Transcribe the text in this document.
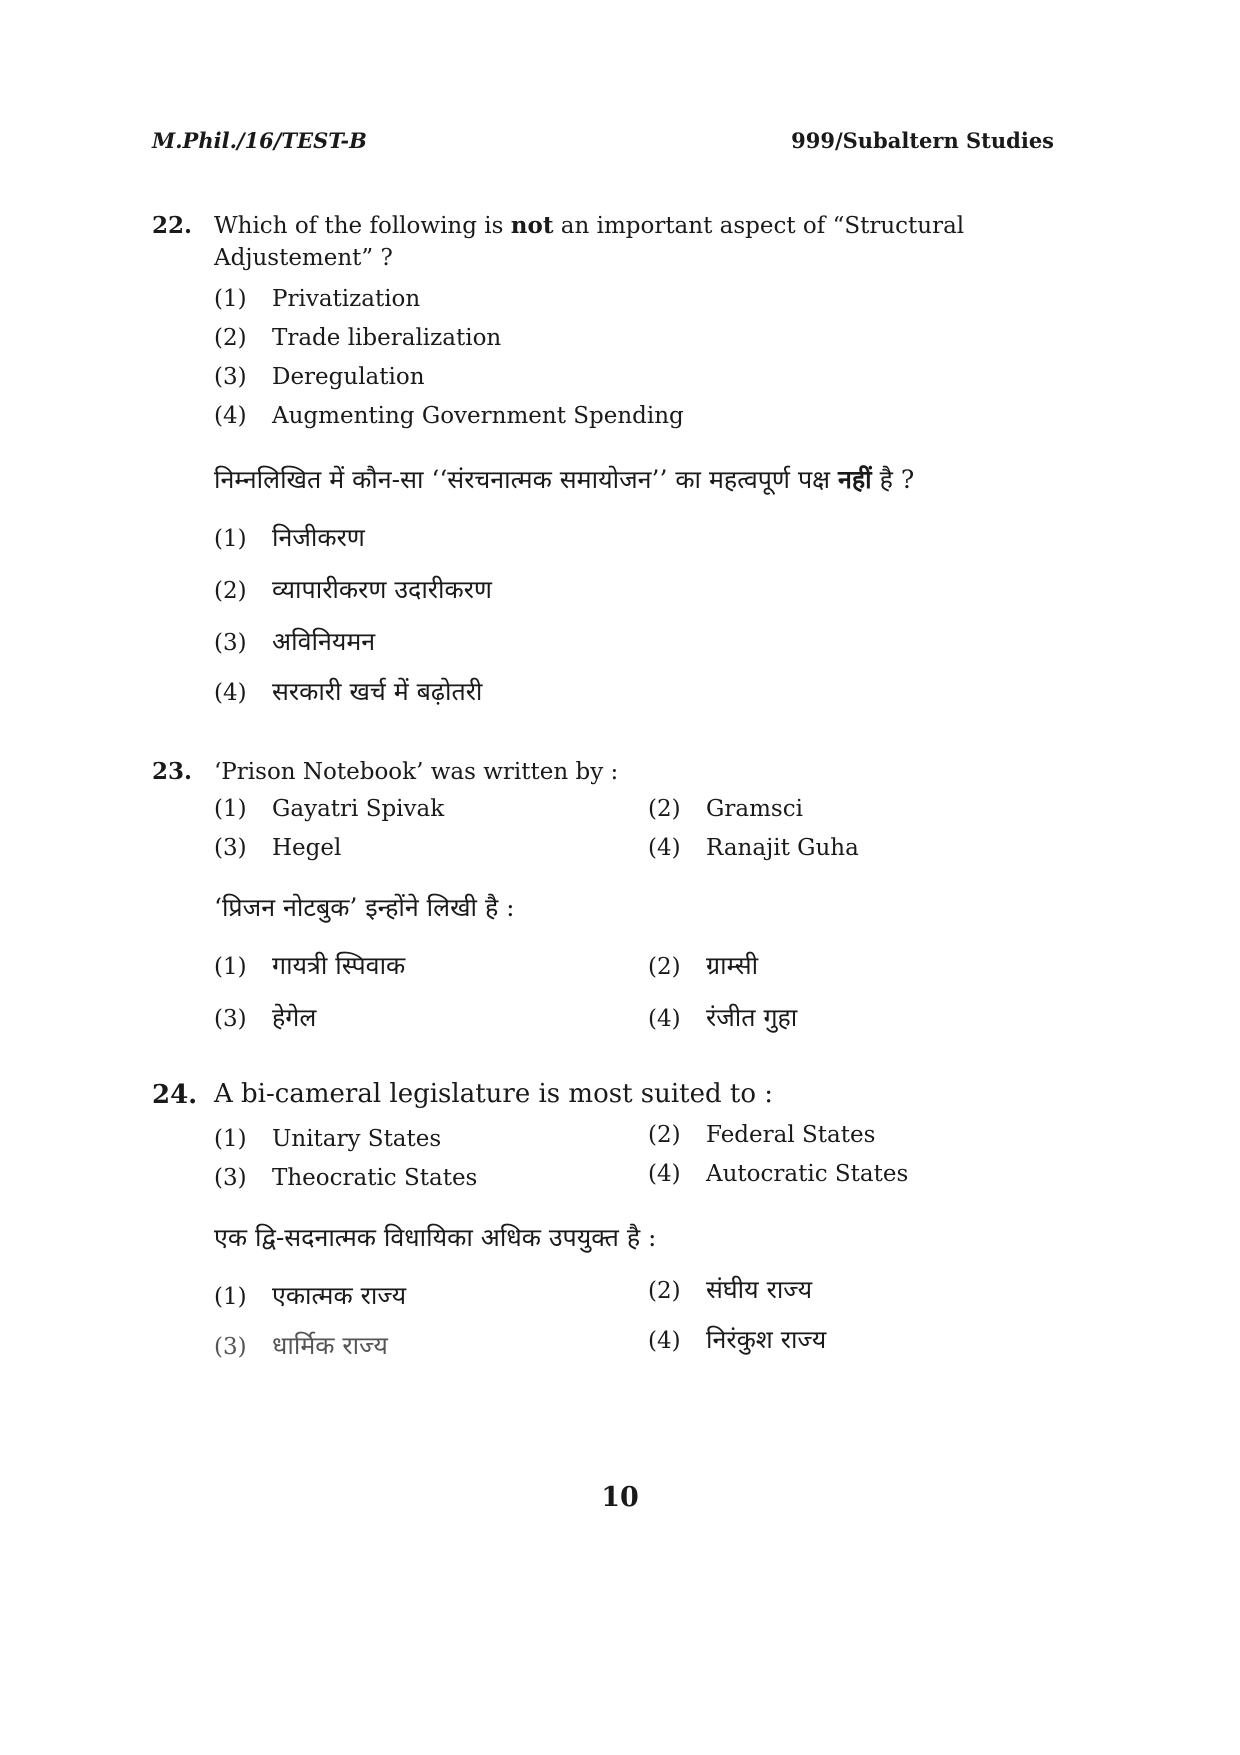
M.Phil./16/TEST-B	999/Subaltern Studies
22. Which of the following is not an important aspect of “Structural Adjustement” ?
(1) Privatization
(2) Trade liberalization
(3) Deregulation
(4) Augmenting Government Spending
निम्नलिखित में कौन-सा ‘‘संरचनात्मक समायोजन’’ का महत्वपूर्ण पक्ष नहीं है ?
(1) निजीकरण
(2) व्यापारीकरण उदारीकरण
(3) अविनियमन
(4) सरकारी खर्च में बढ़ोतरी
23. ‘Prison Notebook’ was written by :
(1) Gayatri Spivak	(2) Gramsci
(3) Hegel	(4) Ranajit Guha
‘प्रिजन नोटबुक’ इन्होंने लिखी है :
(1) गायत्री स्पिवाक	(2) ग्राम्सी
(3) हेगेल	(4) रंजीत गुहा
24. A bi-cameral legislature is most suited to :
(1) Unitary States	(2) Federal States
(3) Theocratic States	(4) Autocratic States
एक द्वि-सदनात्मक विधायिका अधिक उपयुक्त है :
(1) एकात्मक राज्य	(2) संघीय राज्य
(3) धार्मिक राज्य	(4) निरंकुश राज्य
10
